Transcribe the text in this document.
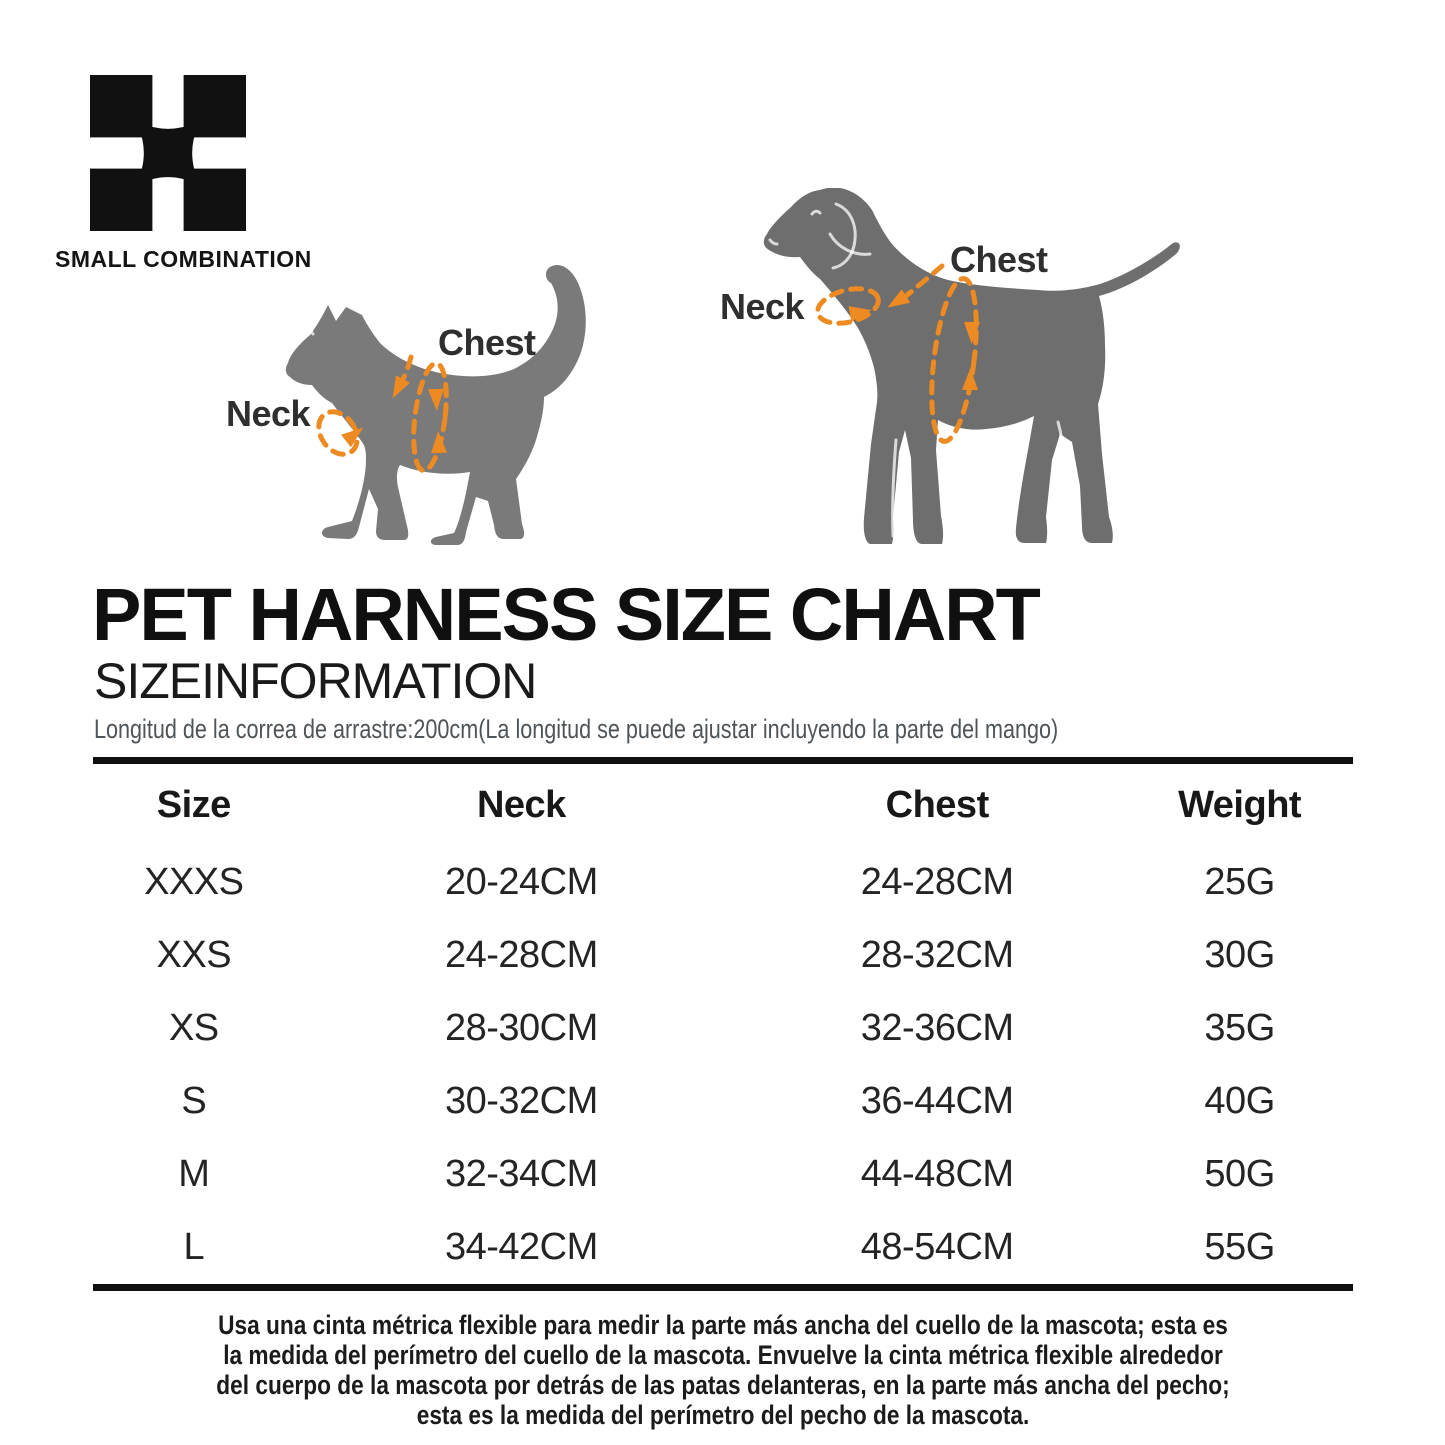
SMALL COMBINATION
Neck
Chest
Neck
Chest
PET HARNESS SIZE CHART
SIZEINFORMATION
Longitud de la correa de arrastre:200cm(La longitud se puede ajustar incluyendo la parte del mango)
Size	Neck	Chest	Weight
XXXS	20-24CM	24-28CM	25G
XXS	24-28CM	28-32CM	30G
XS	28-30CM	32-36CM	35G
S	30-32CM	36-44CM	40G
M	32-34CM	44-48CM	50G
L	34-42CM	48-54CM	55G
Usa una cinta métrica flexible para medir la parte más ancha del cuello de la mascota; esta es
la medida del perímetro del cuello de la mascota. Envuelve la cinta métrica flexible alrededor
del cuerpo de la mascota por detrás de las patas delanteras, en la parte más ancha del pecho;
esta es la medida del perímetro del pecho de la mascota.
